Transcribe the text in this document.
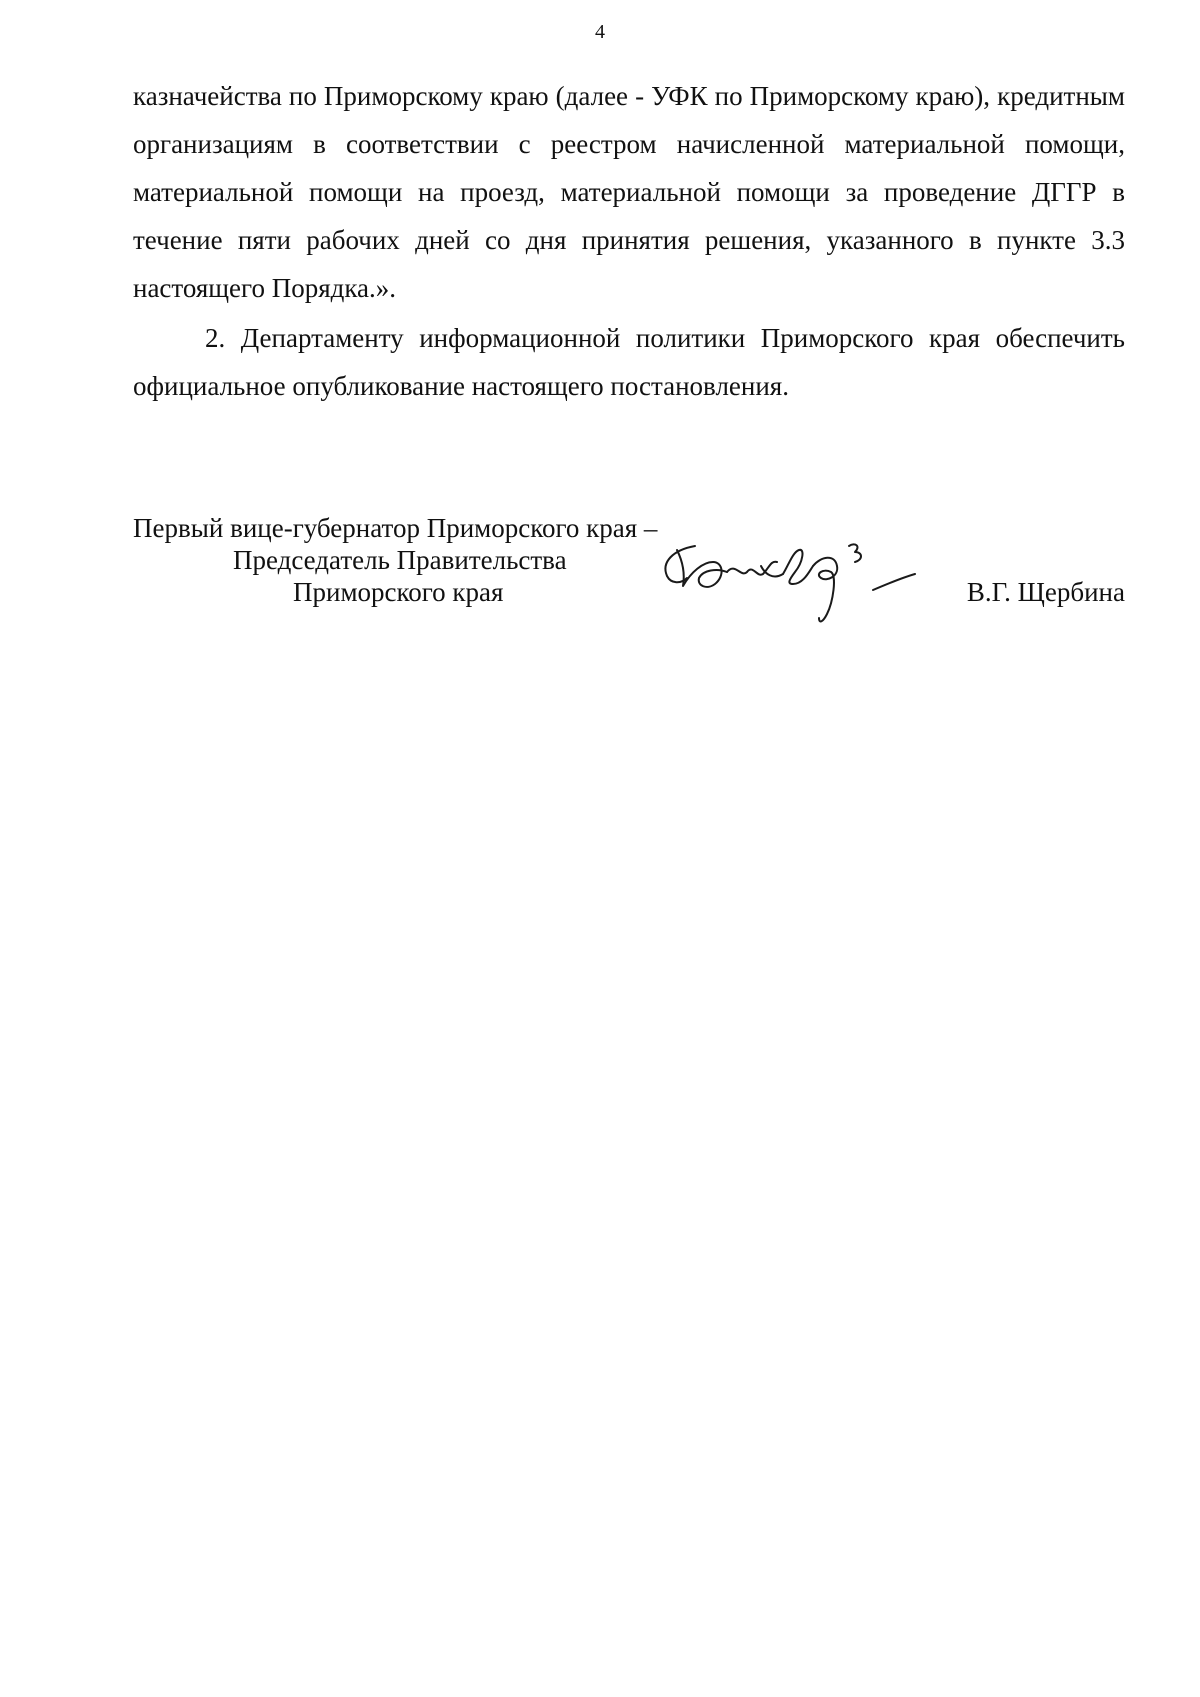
4

казначейства по Приморскому краю (далее - УФК по Приморскому краю), кредитным организациям в соответствии с реестром начисленной материальной помощи, материальной помощи на проезд, материальной помощи за проведение ДГГР в течение пяти рабочих дней со дня принятия решения, указанного в пункте 3.3 настоящего Порядка.».

2. Департаменту информационной политики Приморского края обеспечить официальное опубликование настоящего постановления.

Первый вице-губернатор Приморского края –
Председатель Правительства
Приморского края	В.Г. Щербина
